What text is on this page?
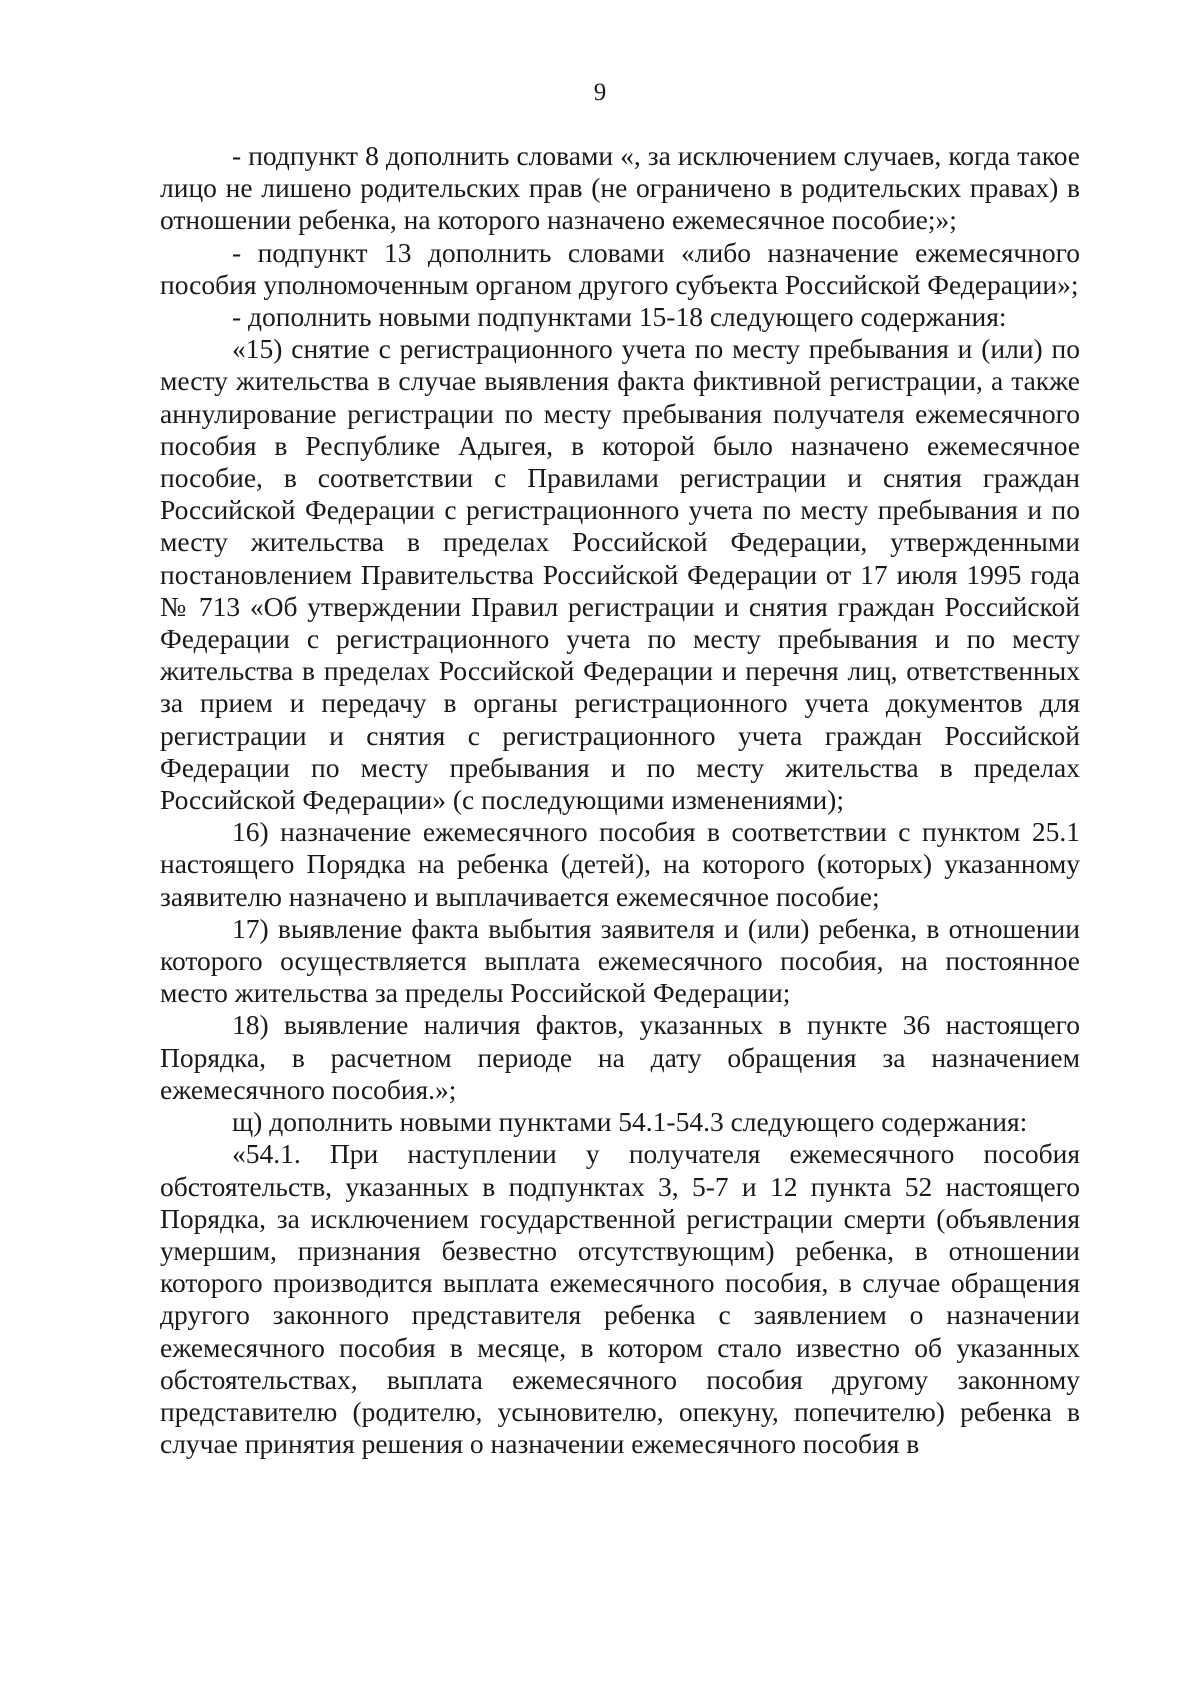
9

- подпункт 8 дополнить словами «, за исключением случаев, когда такое лицо не лишено родительских прав (не ограничено в родительских правах) в отношении ребенка, на которого назначено ежемесячное пособие;»;

- подпункт 13 дополнить словами «либо назначение ежемесячного пособия уполномоченным органом другого субъекта Российской Федерации»;

- дополнить новыми подпунктами 15-18 следующего содержания:

«15) снятие с регистрационного учета по месту пребывания и (или) по месту жительства в случае выявления факта фиктивной регистрации, а также аннулирование регистрации по месту пребывания получателя ежемесячного пособия в Республике Адыгея, в которой было назначено ежемесячное пособие, в соответствии с Правилами регистрации и снятия граждан Российской Федерации с регистрационного учета по месту пребывания и по месту жительства в пределах Российской Федерации, утвержденными постановлением Правительства Российской Федерации от 17 июля 1995 года № 713 «Об утверждении Правил регистрации и снятия граждан Российской Федерации с регистрационного учета по месту пребывания и по месту жительства в пределах Российской Федерации и перечня лиц, ответственных за прием и передачу в органы регистрационного учета документов для регистрации и снятия с регистрационного учета граждан Российской Федерации по месту пребывания и по месту жительства в пределах Российской Федерации» (с последующими изменениями);

16) назначение ежемесячного пособия в соответствии с пунктом 25.1 настоящего Порядка на ребенка (детей), на которого (которых) указанному заявителю назначено и выплачивается ежемесячное пособие;

17) выявление факта выбытия заявителя и (или) ребенка, в отношении которого осуществляется выплата ежемесячного пособия, на постоянное место жительства за пределы Российской Федерации;

18) выявление наличия фактов, указанных в пункте 36 настоящего Порядка, в расчетном периоде на дату обращения за назначением ежемесячного пособия.»;

щ) дополнить новыми пунктами 54.1-54.3 следующего содержания:

«54.1. При наступлении у получателя ежемесячного пособия обстоятельств, указанных в подпунктах 3, 5-7 и 12 пункта 52 настоящего Порядка, за исключением государственной регистрации смерти (объявления умершим, признания безвестно отсутствующим) ребенка, в отношении которого производится выплата ежемесячного пособия, в случае обращения другого законного представителя ребенка с заявлением о назначении ежемесячного пособия в месяце, в котором стало известно об указанных обстоятельствах, выплата ежемесячного пособия другому законному представителю (родителю, усыновителю, опекуну, попечителю) ребенка в случае принятия решения о назначении ежемесячного пособия в
